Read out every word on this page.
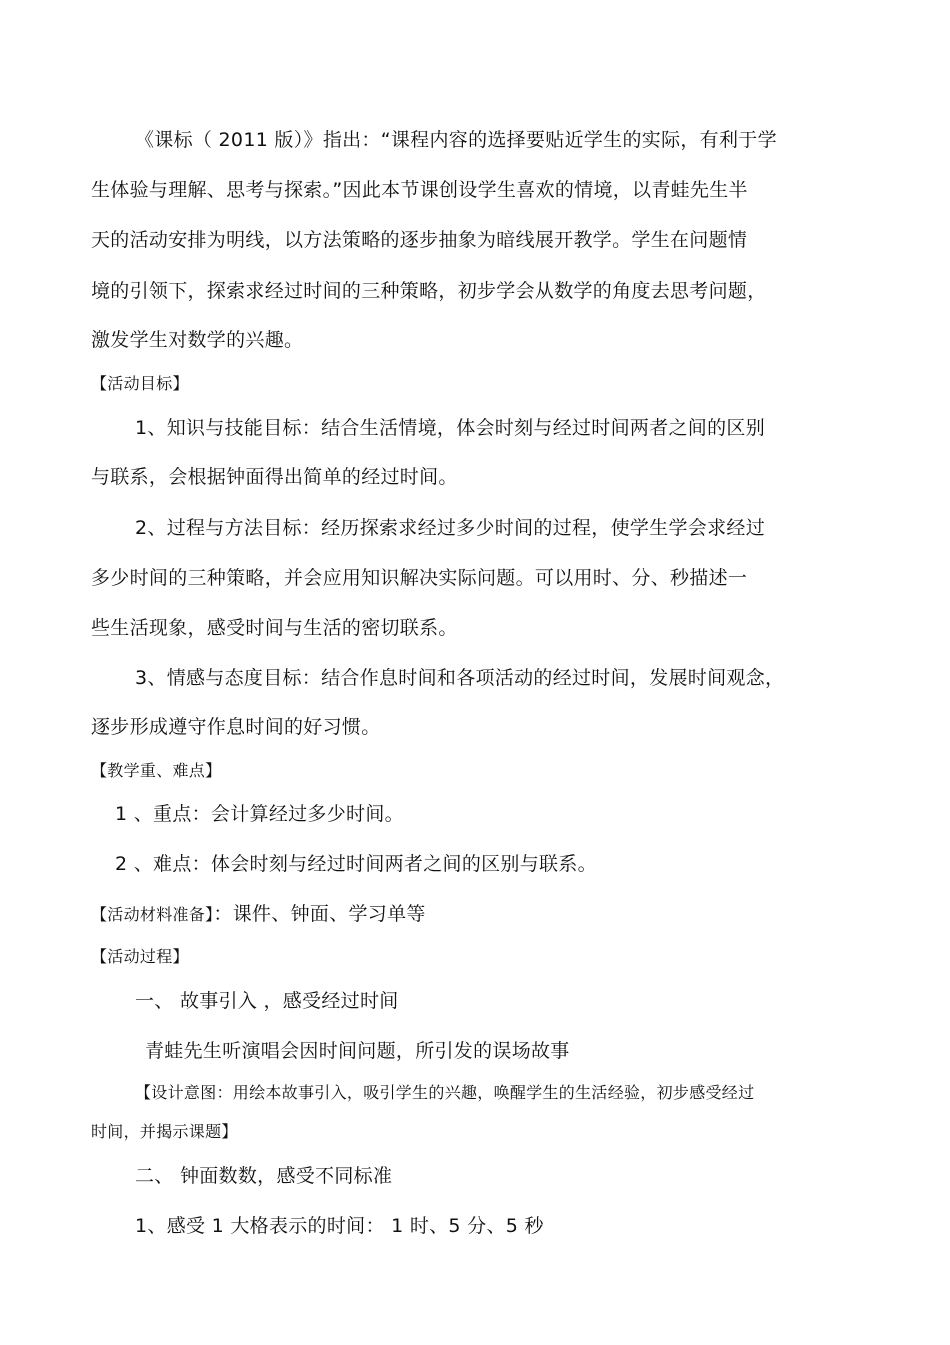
《课标（ 2011 版）》指出：“课程内容的选择要贴近学生的实际，有利于学
生体验与理解、思考与探索。”因此本节课创设学生喜欢的情境，以青蛙先生半
天的活动安排为明线，以方法策略的逐步抽象为暗线展开教学。学生在问题情
境的引领下，探索求经过时间的三种策略，初步学会从数学的角度去思考问题，
激发学生对数学的兴趣。
【活动目标】
1、知识与技能目标：结合生活情境，体会时刻与经过时间两者之间的区别
与联系，会根据钟面得出简单的经过时间。
2、过程与方法目标：经历探索求经过多少时间的过程，使学生学会求经过
多少时间的三种策略，并会应用知识解决实际问题。可以用时、分、秒描述一
些生活现象，感受时间与生活的密切联系。
3、情感与态度目标：结合作息时间和各项活动的经过时间，发展时间观念，
逐步形成遵守作息时间的好习惯。
【教学重、难点】
1 、重点：会计算经过多少时间。
2 、难点：体会时刻与经过时间两者之间的区别与联系。
【活动材料准备】：课件、钟面、学习单等
【活动过程】
一、 故事引入 ，感受经过时间
青蛙先生听演唱会因时间问题，所引发的误场故事
【设计意图：用绘本故事引入，吸引学生的兴趣，唤醒学生的生活经验，初步感受经过
时间，并揭示课题】
二、 钟面数数，感受不同标准
1、感受 1 大格表示的时间： 1 时、5 分、5 秒
